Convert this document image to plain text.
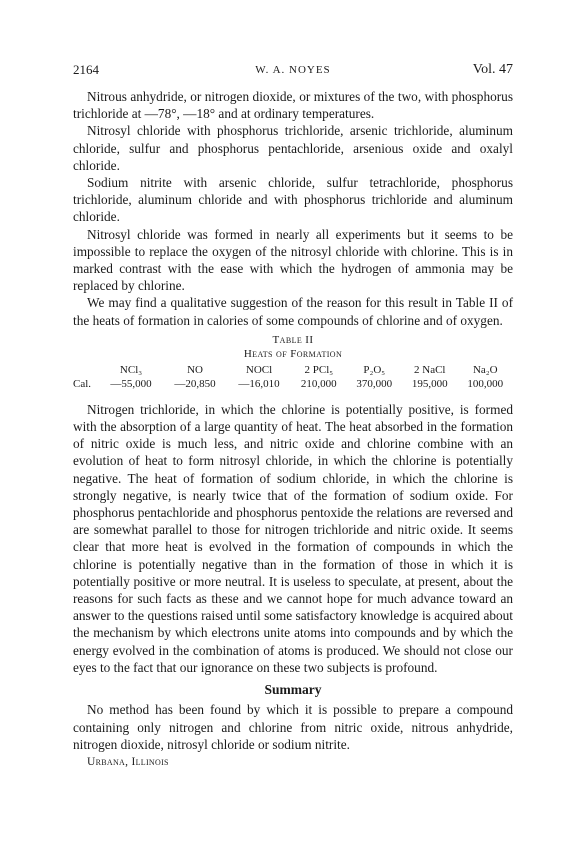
2164	W. A. NOYES	Vol. 47

Nitrous anhydride, or nitrogen dioxide, or mixtures of the two, with phosphorus trichloride at —78°, —18° and at ordinary temperatures.

Nitrosyl chloride with phosphorus trichloride, arsenic trichloride, aluminum chloride, sulfur and phosphorus pentachloride, arsenious oxide and oxalyl chloride.

Sodium nitrite with arsenic chloride, sulfur tetrachloride, phosphorus trichloride, aluminum chloride and with phosphorus trichloride and aluminum chloride.

Nitrosyl chloride was formed in nearly all experiments but it seems to be impossible to replace the oxygen of the nitrosyl chloride with chlorine. This is in marked contrast with the ease with which the hydrogen of ammonia may be replaced by chlorine.

We may find a qualitative suggestion of the reason for this result in Table II of the heats of formation in calories of some compounds of chlorine and of oxygen.

Table II
Heats of Formation
	NCl₃	NO	NOCl	2 PCl₅	P₂O₅	2 NaCl	Na₂O
Cal.	—55,000	—20,850	—16,010	210,000	370,000	195,000	100,000

Nitrogen trichloride, in which the chlorine is potentially positive, is formed with the absorption of a large quantity of heat. The heat absorbed in the formation of nitric oxide is much less, and nitric oxide and chlorine combine with an evolution of heat to form nitrosyl chloride, in which the chlorine is potentially negative. The heat of formation of sodium chloride, in which the chlorine is strongly negative, is nearly twice that of the formation of sodium oxide. For phosphorus pentachloride and phosphorus pentoxide the relations are reversed and are somewhat parallel to those for nitrogen trichloride and nitric oxide. It seems clear that more heat is evolved in the formation of compounds in which the chlorine is potentially negative than in the formation of those in which it is potentially positive or more neutral. It is useless to speculate, at present, about the reasons for such facts as these and we cannot hope for much advance toward an answer to the questions raised until some satisfactory knowledge is acquired about the mechanism by which electrons unite atoms into compounds and by which the energy evolved in the combination of atoms is produced. We should not close our eyes to the fact that our ignorance on these two subjects is profound.

Summary

No method has been found by which it is possible to prepare a compound containing only nitrogen and chlorine from nitric oxide, nitrous anhydride, nitrogen dioxide, nitrosyl chloride or sodium nitrite.

Urbana, Illinois
